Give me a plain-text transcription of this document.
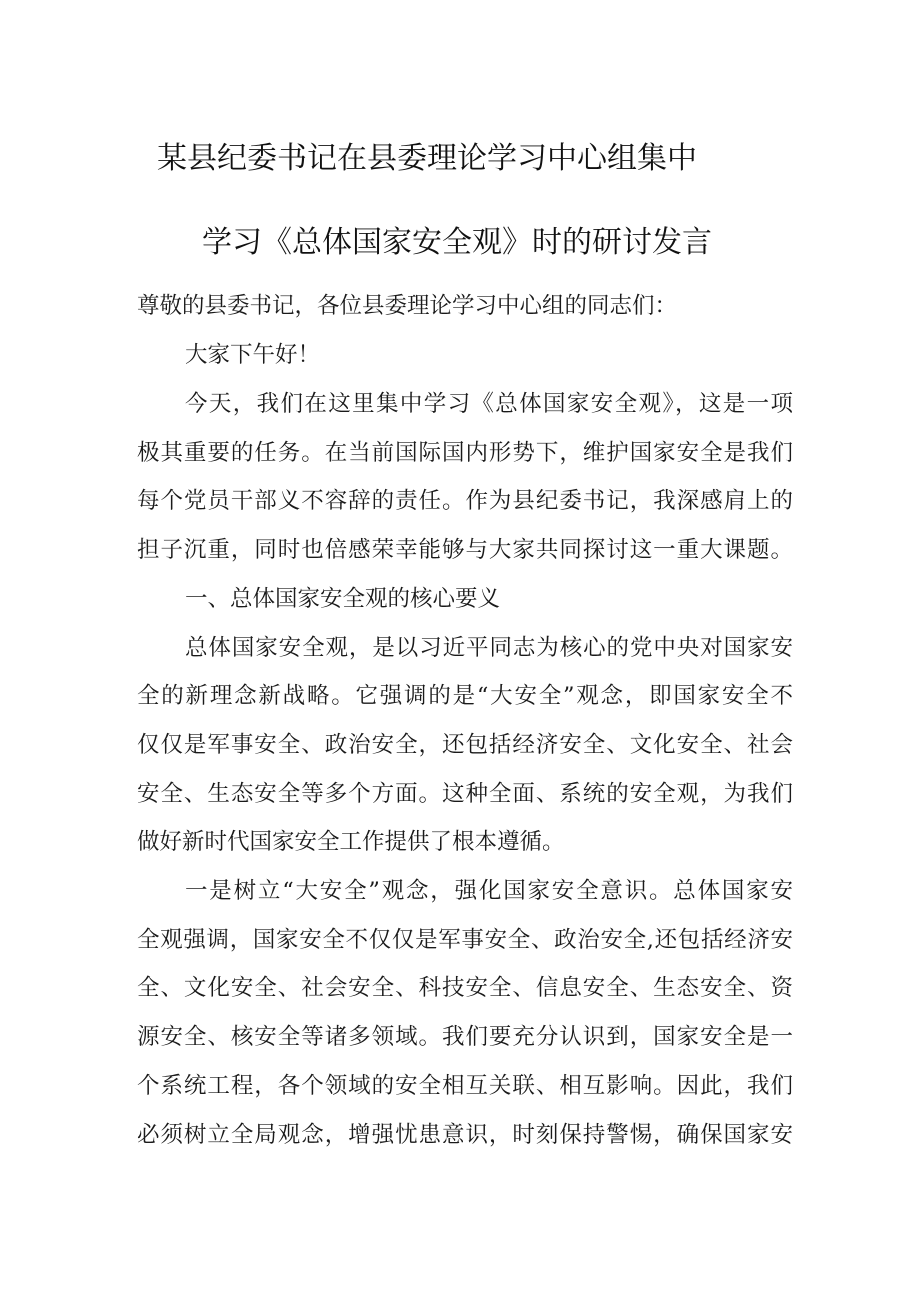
某县纪委书记在县委理论学习中心组集中
学习《总体国家安全观》时的研讨发言
尊敬的县委书记，各位县委理论学习中心组的同志们：
大家下午好！
今天，我们在这里集中学习《总体国家安全观》，这是一项
极其重要的任务。在当前国际国内形势下，维护国家安全是我们
每个党员干部义不容辞的责任。作为县纪委书记，我深感肩上的
担子沉重，同时也倍感荣幸能够与大家共同探讨这一重大课题。
一、总体国家安全观的核心要义
总体国家安全观，是以习近平同志为核心的党中央对国家安
全的新理念新战略。它强调的是“大安全”观念，即国家安全不
仅仅是军事安全、政治安全，还包括经济安全、文化安全、社会
安全、生态安全等多个方面。这种全面、系统的安全观，为我们
做好新时代国家安全工作提供了根本遵循。
一是树立“大安全”观念，强化国家安全意识。总体国家安
全观强调，国家安全不仅仅是军事安全、政治安全,还包括经济安
全、文化安全、社会安全、科技安全、信息安全、生态安全、资
源安全、核安全等诸多领域。我们要充分认识到，国家安全是一
个系统工程，各个领域的安全相互关联、相互影响。因此，我们
必须树立全局观念，增强忧患意识，时刻保持警惕，确保国家安
